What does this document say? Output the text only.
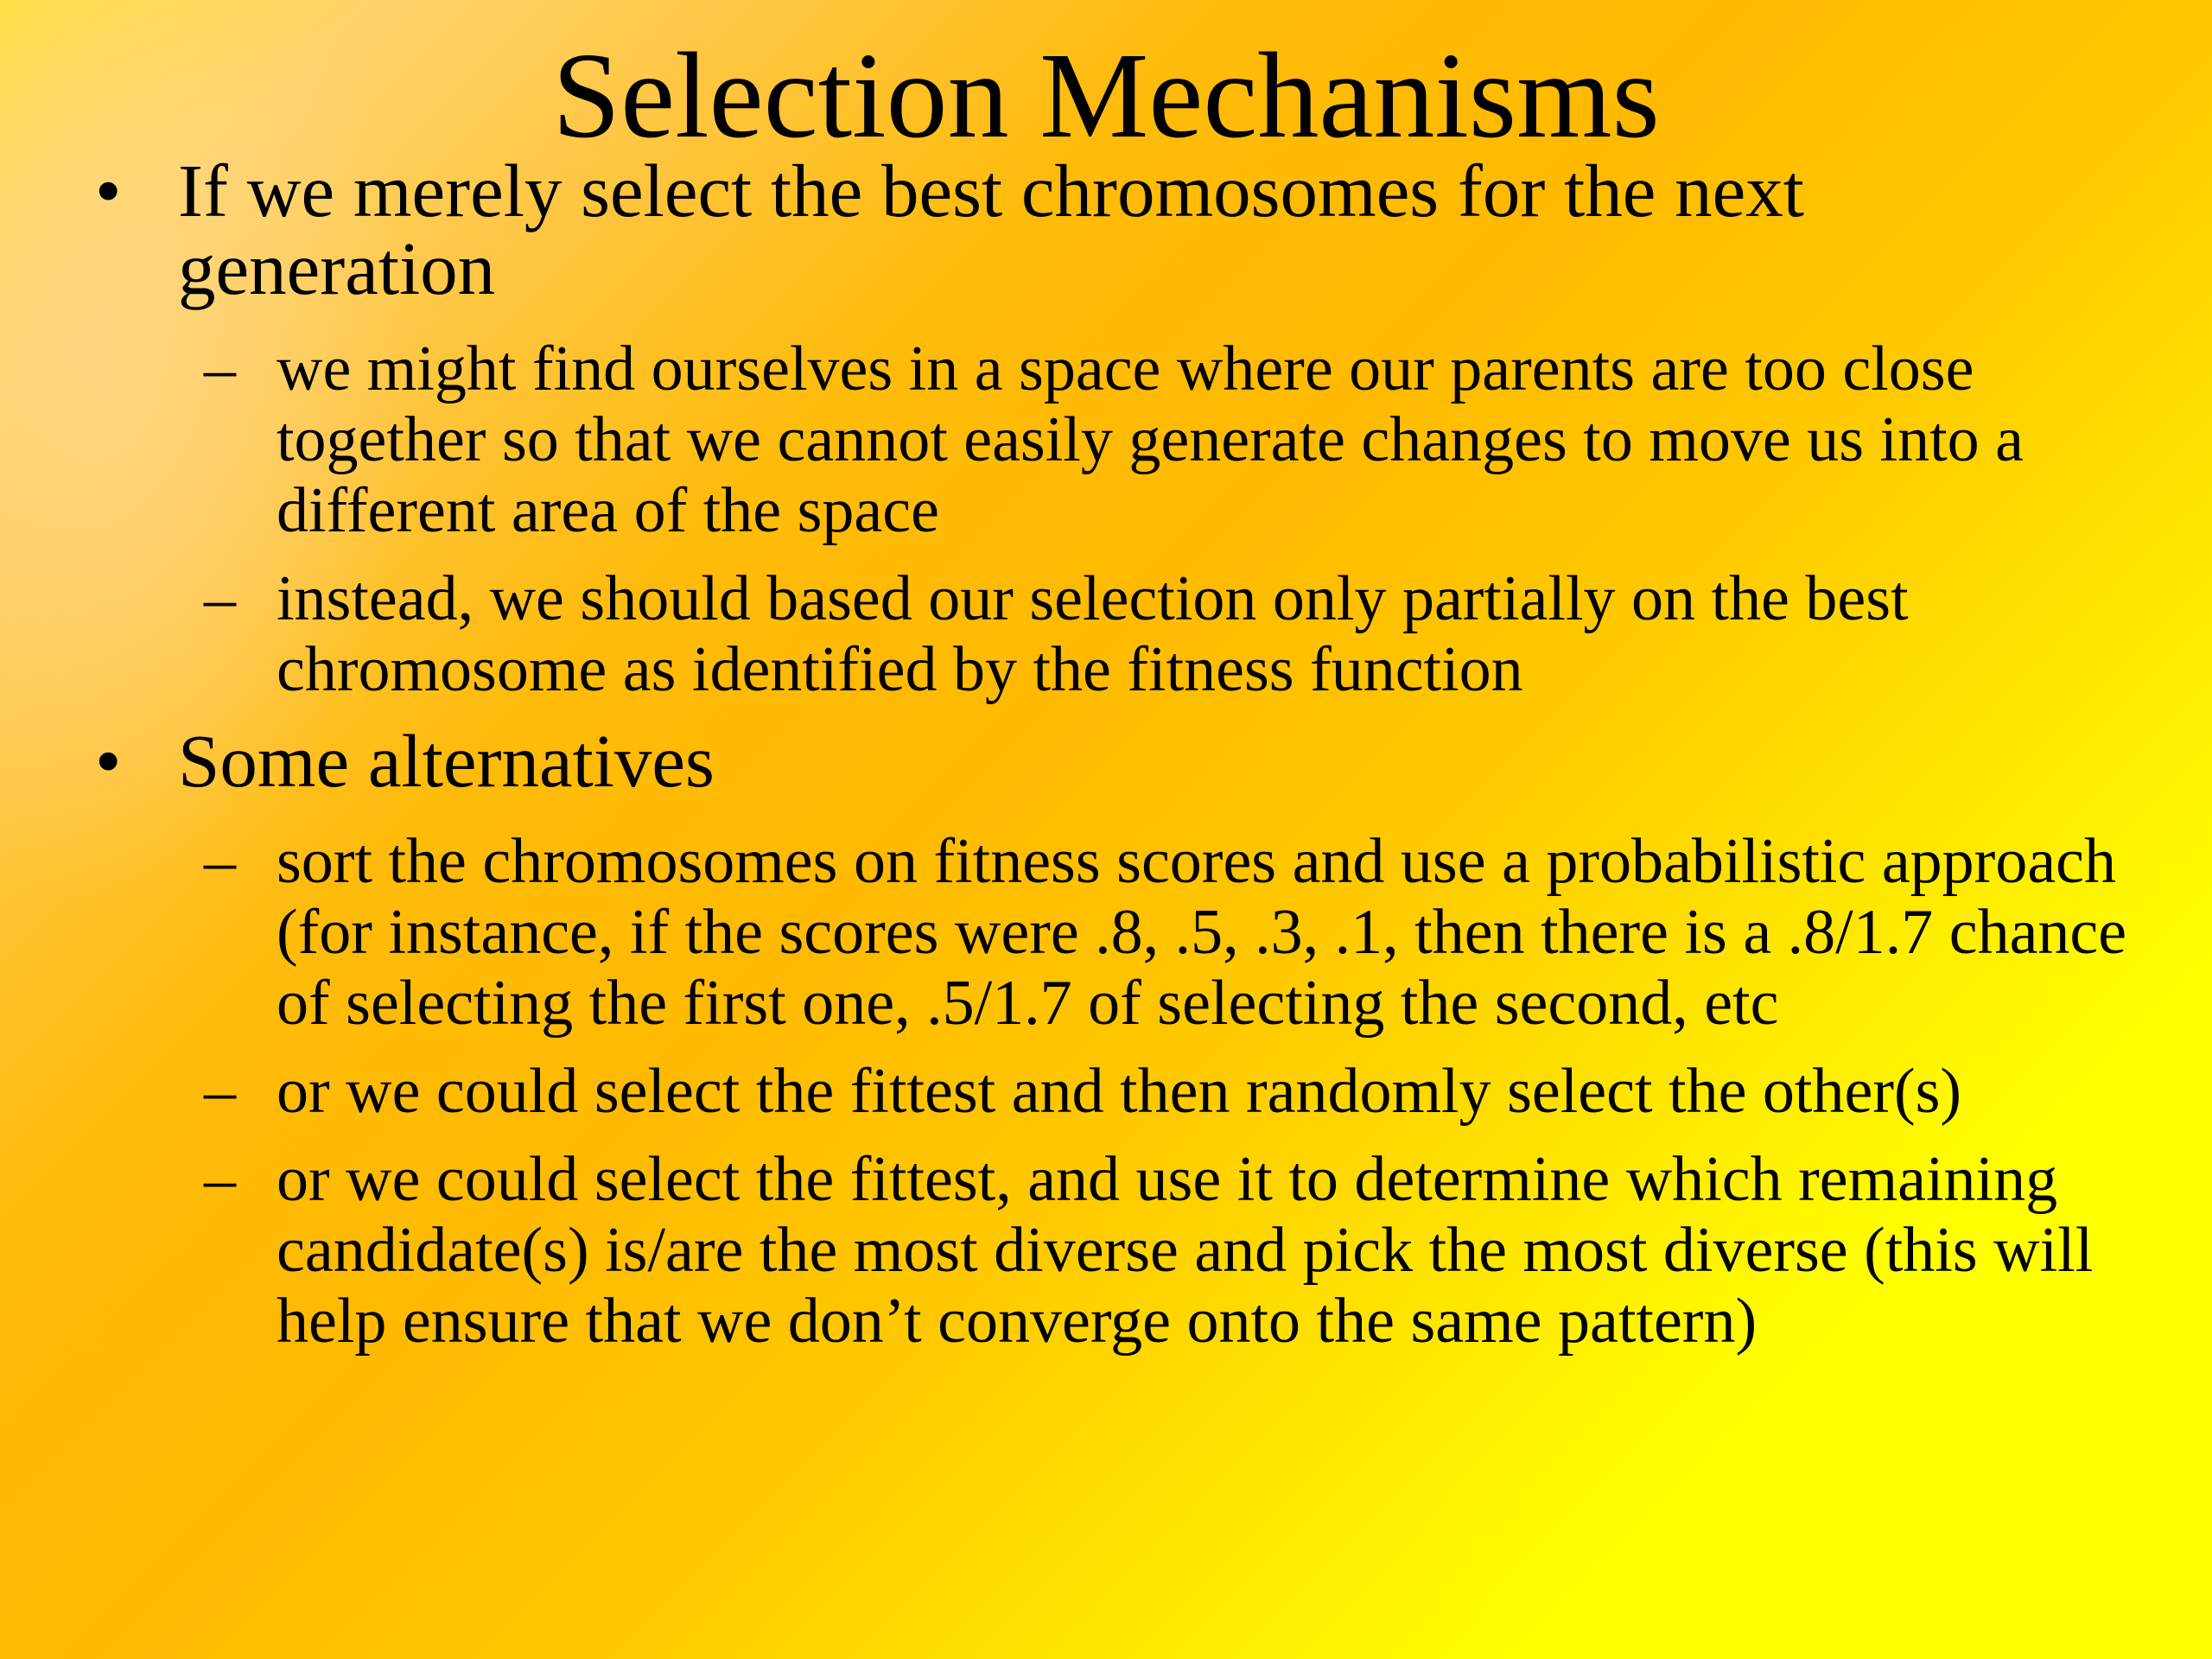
Selection Mechanisms
• If we merely select the best chromosomes for the next generation
– we might find ourselves in a space where our parents are too close together so that we cannot easily generate changes to move us into a different area of the space
– instead, we should based our selection only partially on the best chromosome as identified by the fitness function
• Some alternatives
– sort the chromosomes on fitness scores and use a probabilistic approach (for instance, if the scores were .8, .5, .3, .1, then there is a .8/1.7 chance of selecting the first one, .5/1.7 of selecting the second, etc
– or we could select the fittest and then randomly select the other(s)
– or we could select the fittest, and use it to determine which remaining candidate(s) is/are the most diverse and pick the most diverse (this will help ensure that we don’t converge onto the same pattern)
